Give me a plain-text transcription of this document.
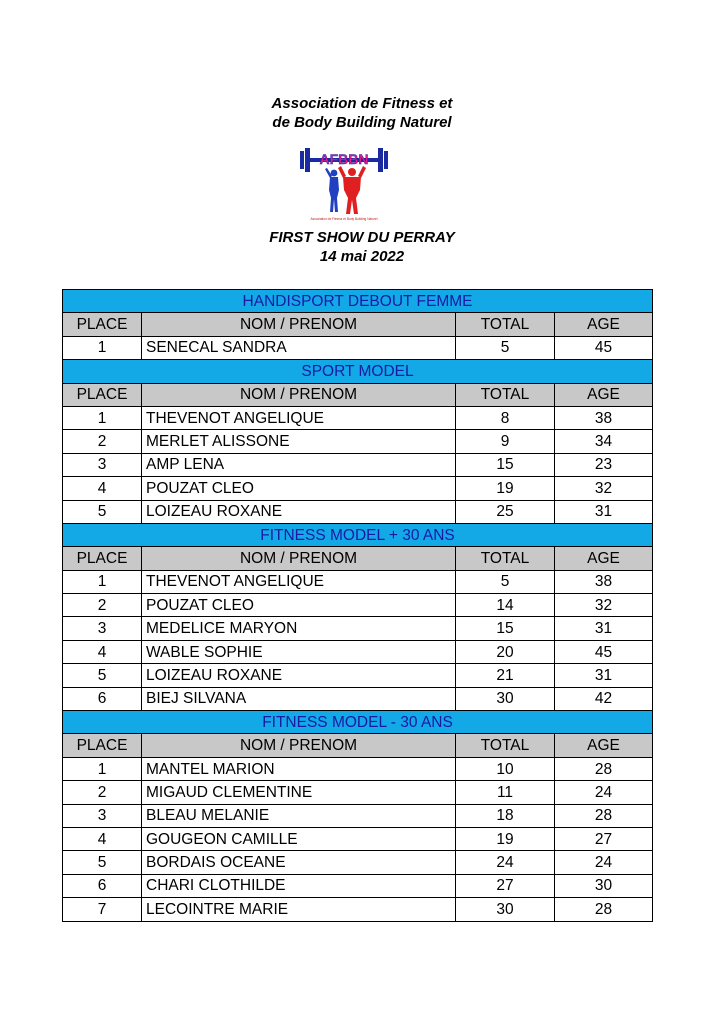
Association de Fitness et
de Body Building Naturel
AFBBN
Association de Fitness et Body Building Naturel
FIRST SHOW DU PERRAY
14 mai 2022
HANDISPORT DEBOUT FEMME			
PLACE	NOM / PRENOM	TOTAL	AGE
1	SENECAL SANDRA	5	45
SPORT MODEL			
PLACE	NOM / PRENOM	TOTAL	AGE
1	THEVENOT ANGELIQUE	8	38
2	MERLET ALISSONE	9	34
3	AMP LENA	15	23
4	POUZAT CLEO	19	32
5	LOIZEAU ROXANE	25	31
FITNESS MODEL + 30 ANS			
PLACE	NOM / PRENOM	TOTAL	AGE
1	THEVENOT ANGELIQUE	5	38
2	POUZAT CLEO	14	32
3	MEDELICE MARYON	15	31
4	WABLE SOPHIE	20	45
5	LOIZEAU ROXANE	21	31
6	BIEJ SILVANA	30	42
FITNESS MODEL - 30 ANS			
PLACE	NOM / PRENOM	TOTAL	AGE
1	MANTEL MARION	10	28
2	MIGAUD CLEMENTINE	11	24
3	BLEAU MELANIE	18	28
4	GOUGEON CAMILLE	19	27
5	BORDAIS OCEANE	24	24
6	CHARI CLOTHILDE	27	30
7	LECOINTRE MARIE	30	28
